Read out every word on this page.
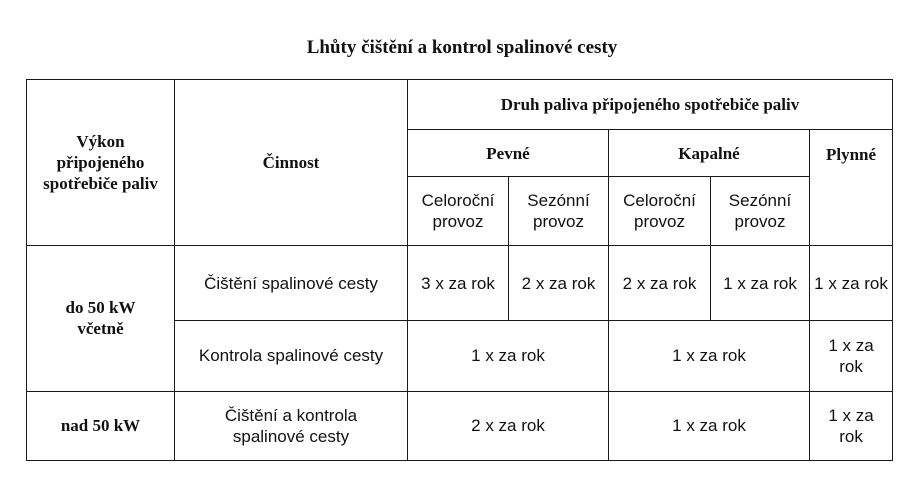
Lhůty čištění a kontrol spalinové cesty
Výkon připojeného spotřebiče paliv	Činnost	Druh paliva připojeného spotřebiče paliv				
		Pevné		Kapalné		Plynné
		Celoroční provoz	Sezónní provoz	Celoroční provoz	Sezónní provoz	
do 50 kW včetně	Čištění spalinové cesty	3 x za rok	2 x za rok	2 x za rok	1 x za rok	1 x za rok
	Kontrola spalinové cesty	1 x za rok		1 x za rok		1 x za rok
nad 50 kW	Čištění a kontrola spalinové cesty	2 x za rok		1 x za rok		1 x za rok
